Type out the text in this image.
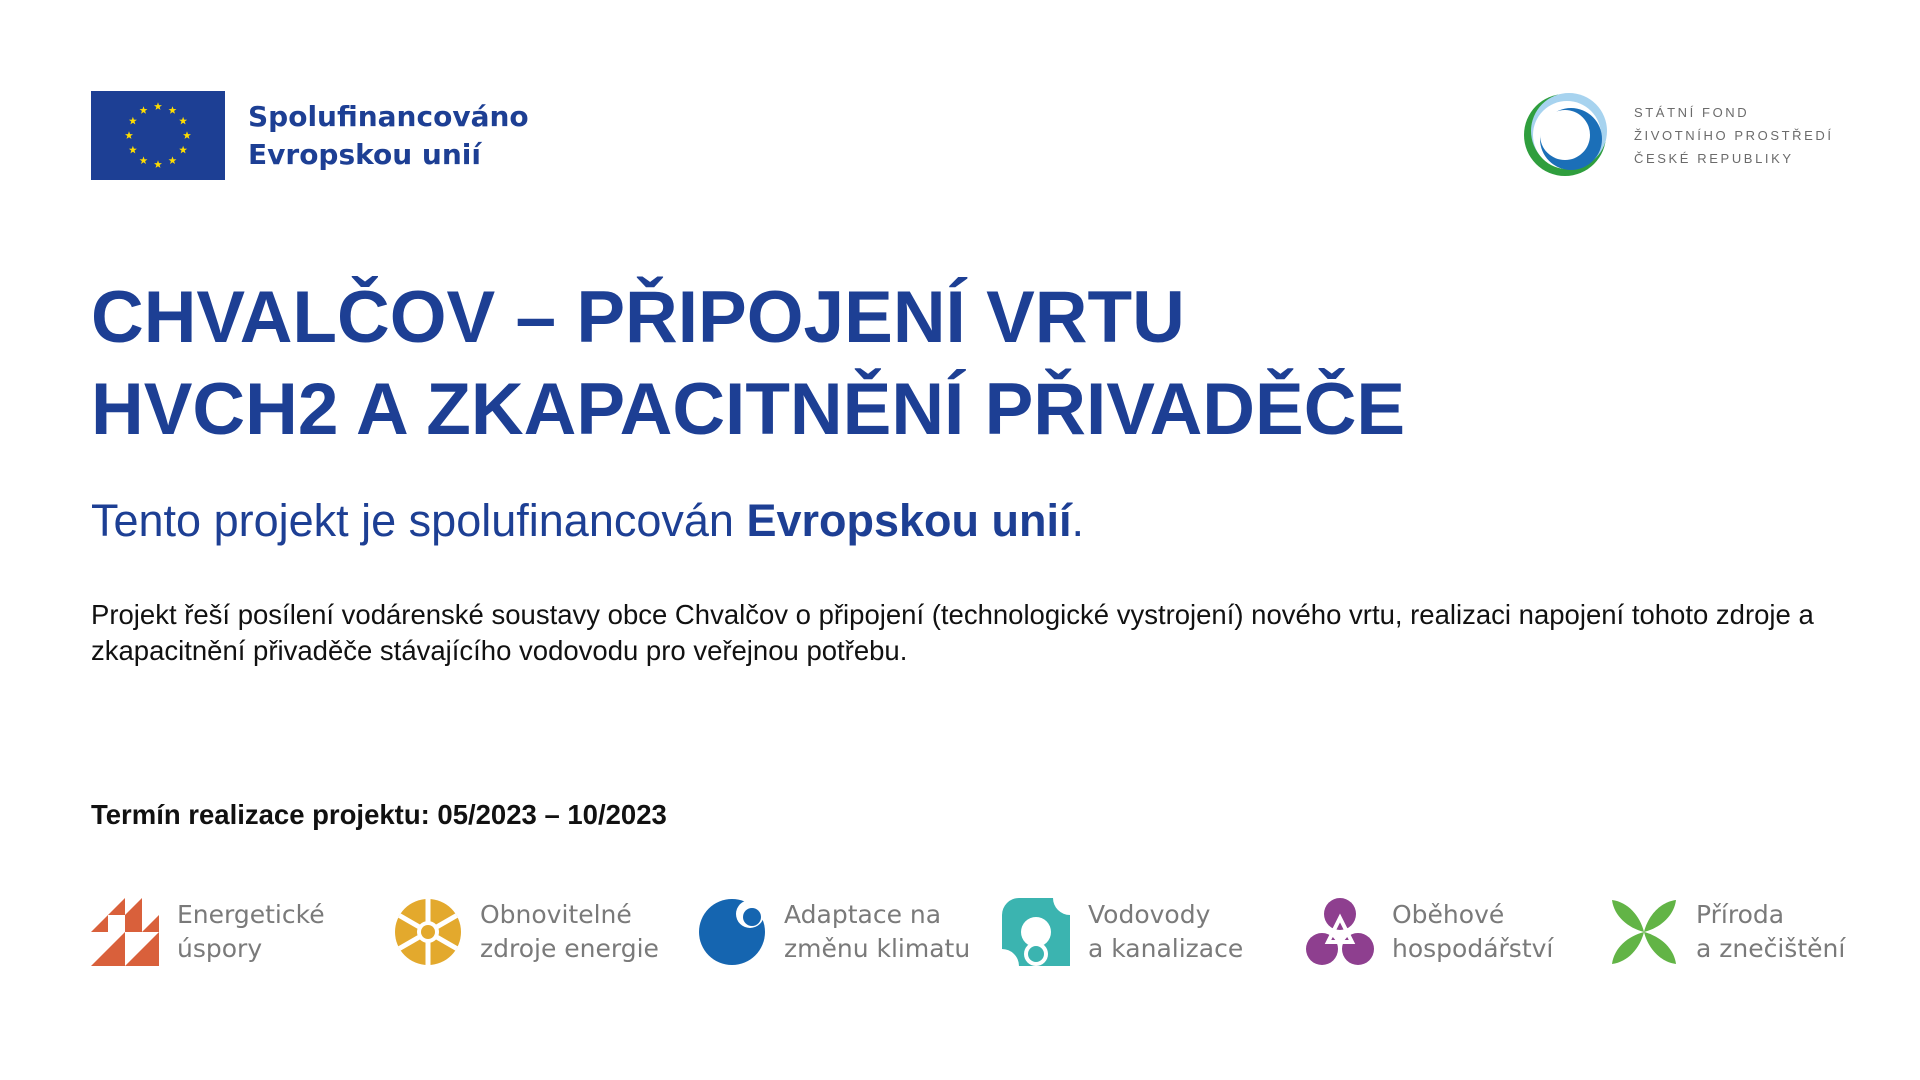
Spolufinancováno
Evropskou unií
STÁTNÍ FOND
ŽIVOTNÍHO PROSTŘEDÍ
ČESKÉ REPUBLIKY
CHVALČOV – PŘIPOJENÍ VRTU
HVCH2 A ZKAPACITNĚNÍ PŘIVADĚČE

Tento projekt je spolufinancován Evropskou unií.

Projekt řeší posílení vodárenské soustavy obce Chvalčov o připojení (technologické vystrojení) nového vrtu, realizaci napojení tohoto zdroje a zkapacitnění přivaděče stávajícího vodovodu pro veřejnou potřebu.

Termín realizace projektu: 05/2023 – 10/2023

Energetické
úspory
Obnovitelné
zdroje energie
Adaptace na
změnu klimatu
Vodovody
a kanalizace
Oběhové
hospodářství
Příroda
a znečištění
